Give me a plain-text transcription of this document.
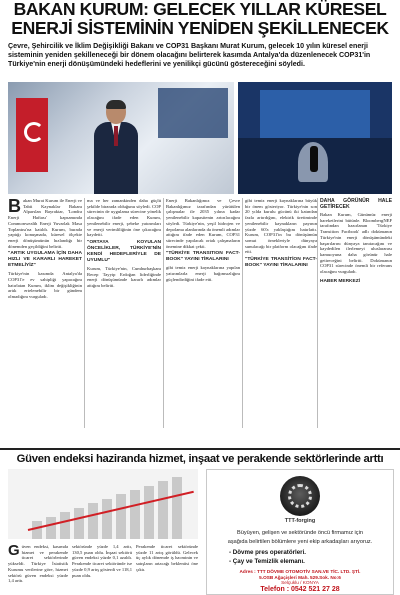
BAKAN KURUM: GELECEK YILLAR KÜRESEL ENERJİ SİSTEMİNİN YENİDEN ŞEKİLLENECEK
Çevre, Şehircilik ve İklim Değişikliği Bakanı ve COP31 Başkanı Murat Kurum, gelecek 10 yılın küresel enerji sisteminin yeniden şekilleneceği bir dönem olacağını belirterek kasımda Antalya'da düzenlenecek COP31'in Türkiye'nin enerji dönüşümündeki hedeflerini ve yenilikçi gücünü göstereceğini söyledi.
B akan Murat Kurum ile Enerji ve Tabii Kaynaklar Bakanı Alparslan Bayraktar, 'Londra Enerji Haftası' kapsamında Commonwealth Enerji Yuvarlak Masa Toplantısı'na katıldı. Kurum, burada yaptığı konuşmada, küresel ölçekte enerji dönüşümünün hızlandığı bir dönemden geçildiğini belirtti.
"ARTIK UYGULAMA İÇİN DAHA HIZLI VE KARARLI HAREKET ETMELİYİZ"
Türkiye'nin kasımda Antalya'da COP31'e ev sahipliği yapacağını hatırlatan Kurum, iklim değişikliğinin artık ertelenebilir bir gündem olmadığını vurguladı.
ma ve her zamankinden daha güçlü şekilde birarada olduğunu söyledi. COP sürecinin de uygulama sürecine yönelik olacağını ifade eden Kurum, yenilenebilir enerji, şebeke yatırımları ve enerji verimliliğinin öne çıkacağını kaydetti.
"ORTAYA KOYULAN ÖNCELİKLER, TÜRKİYE'NİN KENDİ HEDEFLERİYLE DE UYUMLU"
Kurum, Türkiye'nin, Cumhurbaşkanı Recep Tayyip Erdoğan liderliğinde enerji dönüşümünde kararlı adımlar attığını belirtti.
Enerji Bakanlığımız ve Çevre Bakanlığımız tarafından yürütülen çalışmalar ile 2035 yılına kadar yenilenebilir kapasitenin artırılacağını söyledi. Türkiye'nin, yeşil hidrojen ve depolama alanlarında da önemli adımlar attığını ifade eden Kurum, COP31 sürecinde yapılacak ortak çalışmaların önemine dikkat çekti.
"TÜRKİYE TRANSITION FACT-BOOK" YAYINI TİRALARINI
gibi temiz enerji kaynaklarına yapılan yatırımlarla enerji bağımsızlığını güçlendirdiğini ifade etti.
gibi temiz enerji kaynaklarına büyük bir önem gösteriyor. Türkiye'nin son 20 yılda kurulu gücünü iki katından fazla artırdığını, elektrik üretiminde yenilenebilir kaynakların payının yüzde 60'a yaklaştığını hatırlattı. Kurum, COP31'in bu dönüşümün somut örnekleriyle dünyaya sunulacağı bir platform olacağını ifade etti.
"TÜRKİYE TRANSİTİON FACT-BOOK" YAYINI TİRALARINI
DAHA GÖRÜNÜR HALE GETİRECEK
Bakan Kurum, Günümüz enerji hareketlerini bütünle. BloombergNEF tarafından hazırlanan 'Türkiye Transition Factbook' adlı dokümanın Türkiye'nin enerji dönüşümündeki başarılarını dünyaya tanıtacağını ve kaydedilen ilerlemeyi uluslararası kamuoyuna daha görünür hale getireceğini belirtti. Dokümanın COP31 sürecinde önemli bir referans olacağını vurguladı.
HABER MERKEZİ
Güven endeksi haziranda hizmet, inşaat ve perakende sektörlerinde arttı
G üven endeksi, kasımda hizmet ve perakende ticaret sektörlerinde yükseldi. Türkiye İstatistik Kurumu verilerine göre, hizmet sektörü güven endeksi yüzde 1,4 arttı.
sektöründe yüzde 1,4 arttı, 130,5 puan oldu. İnşaat sektörü güven endeksi yüzde 0,1 azaldı. Perakende ticaret sektöründe ise yüzde 0,9 artış gösterdi ve 118,1 puan oldu.
Perakende ticaret sektöründe yüzde 11 artış görüldü. Gelecek üç aylık dönemde iş hacminin ve satışların artacağı beklentisi öne çıktı.
TTT-forging
Büyüyen, gelişen ve sektöründe öncü firmamız için
aşağıda belirtilen bölümlere yeni ekip arkadaşları arıyoruz.
- Dövme pres operatörleri.
- Çay ve Temizlik elemanı.
Adres : TTT DÖVME OTOMOTİV SAN.VE TİC. LTD. ŞTİ.
5.OSB Ağaçişleri Mah. 529.Sok. No:6
Selçuklu / KONYA
Telefon : 0542 521 27 28
